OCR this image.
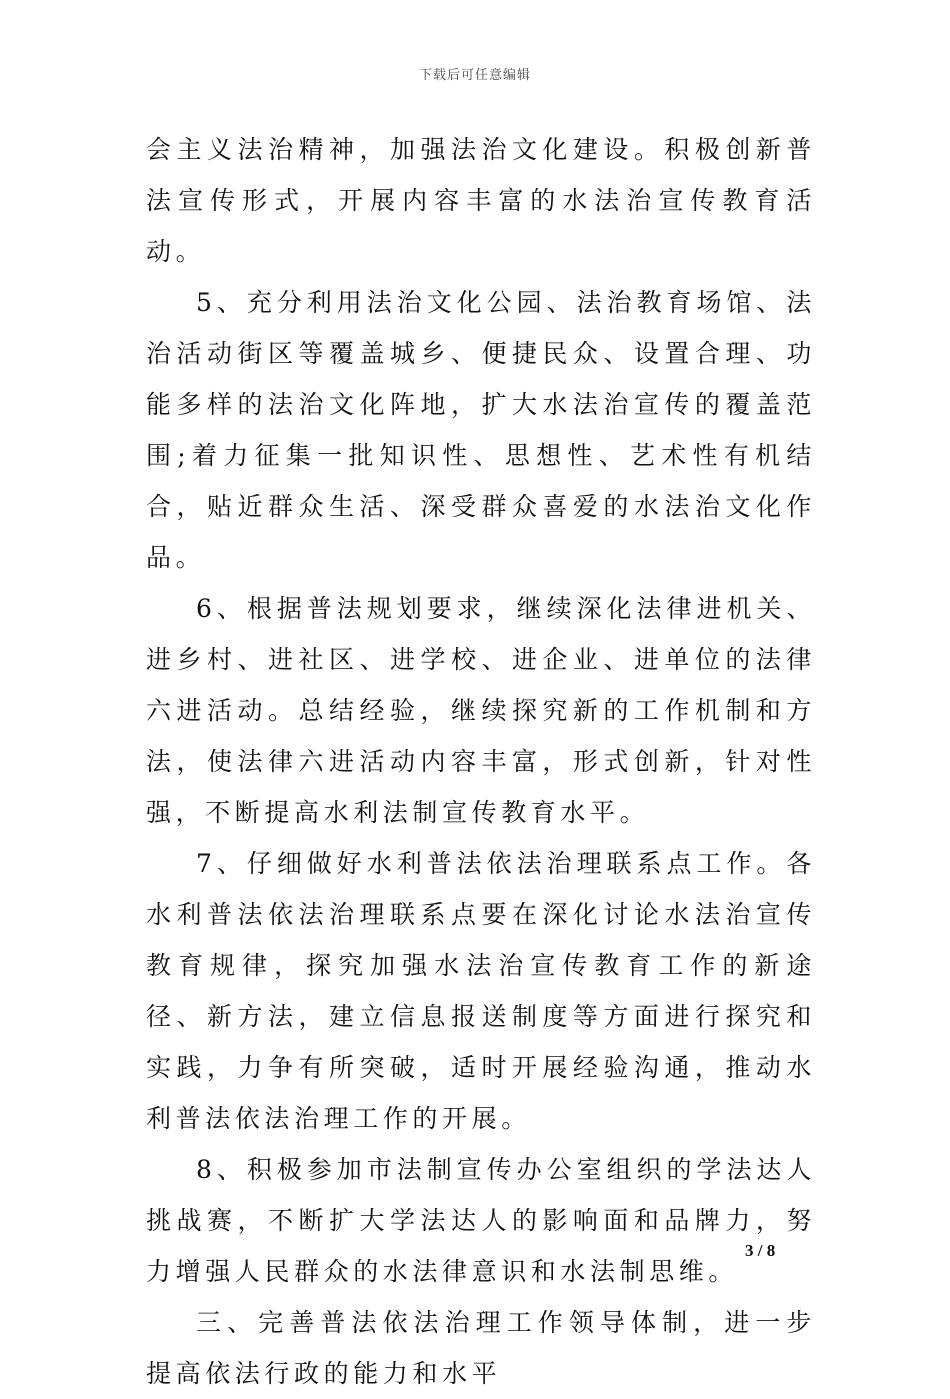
下载后可任意编辑

会主义法治精神，加强法治文化建设。积极创新普法宣传形式，开展内容丰富的水法治宣传教育活动。

5、充分利用法治文化公园、法治教育场馆、法治活动街区等覆盖城乡、便捷民众、设置合理、功能多样的法治文化阵地，扩大水法治宣传的覆盖范围;着力征集一批知识性、思想性、艺术性有机结合，贴近群众生活、深受群众喜爱的水法治文化作品。

6、根据普法规划要求，继续深化法律进机关、进乡村、进社区、进学校、进企业、进单位的法律六进活动。总结经验，继续探究新的工作机制和方法，使法律六进活动内容丰富，形式创新，针对性强，不断提高水利法制宣传教育水平。

7、仔细做好水利普法依法治理联系点工作。各水利普法依法治理联系点要在深化讨论水法治宣传教育规律，探究加强水法治宣传教育工作的新途径、新方法，建立信息报送制度等方面进行探究和实践，力争有所突破，适时开展经验沟通，推动水利普法依法治理工作的开展。

8、积极参加市法制宣传办公室组织的学法达人挑战赛，不断扩大学法达人的影响面和品牌力，努力增强人民群众的水法律意识和水法制思维。

三、完善普法依法治理工作领导体制，进一步提高依法行政的能力和水平

3 / 8
